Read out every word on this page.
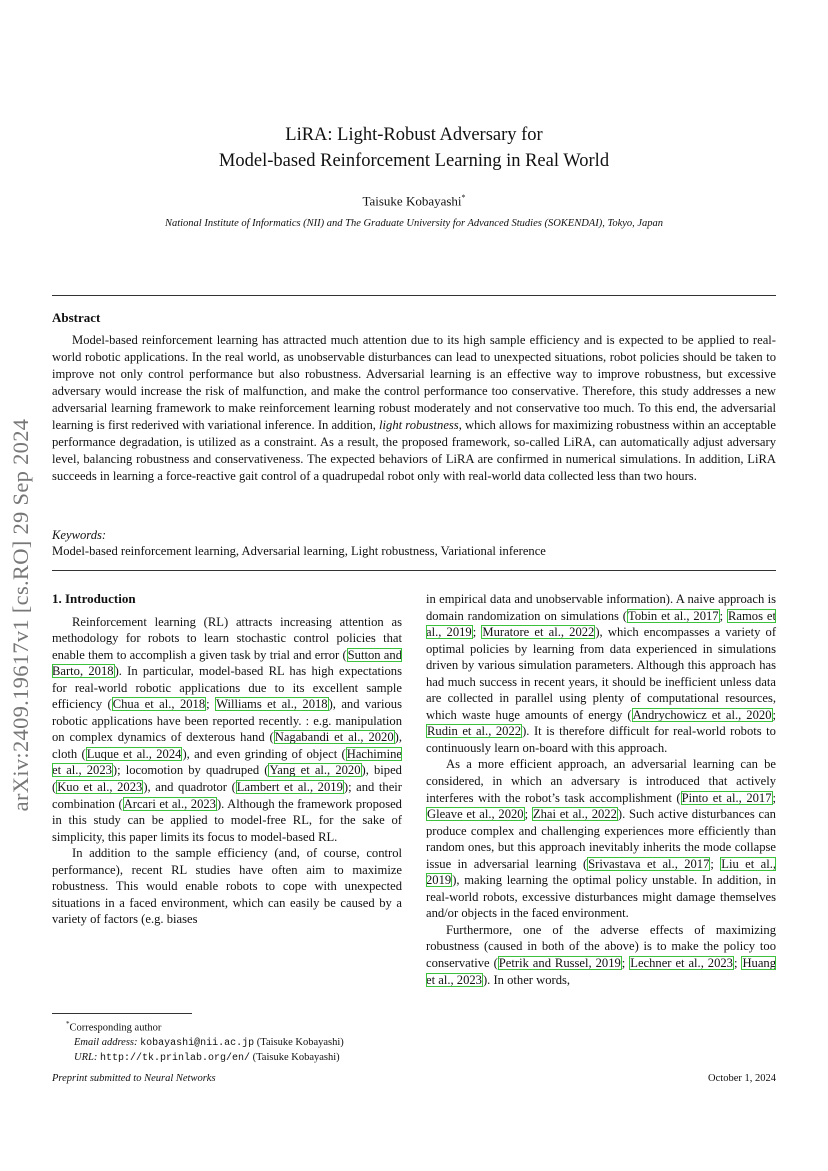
arXiv:2409.19617v1 [cs.RO] 29 Sep 2024
LiRA: Light-Robust Adversary for
Model-based Reinforcement Learning in Real World
Taisuke Kobayashi*
National Institute of Informatics (NII) and The Graduate University for Advanced Studies (SOKENDAI), Tokyo, Japan
Abstract
Model-based reinforcement learning has attracted much attention due to its high sample efficiency and is expected to be applied to real-world robotic applications. In the real world, as unobservable disturbances can lead to unexpected situations, robot policies should be taken to improve not only control performance but also robustness. Adversarial learning is an effective way to improve robustness, but excessive adversary would increase the risk of malfunction, and make the control performance too conservative. Therefore, this study addresses a new adversarial learning framework to make reinforcement learning robust moderately and not conservative too much. To this end, the adversarial learning is first rederived with variational inference. In addition, light robustness, which allows for maximizing robustness within an acceptable performance degradation, is utilized as a constraint. As a result, the proposed framework, so-called LiRA, can automatically adjust adversary level, balancing robustness and conservativeness. The expected behaviors of LiRA are confirmed in numerical simulations. In addition, LiRA succeeds in learning a force-reactive gait control of a quadrupedal robot only with real-world data collected less than two hours.
Keywords:
Model-based reinforcement learning, Adversarial learning, Light robustness, Variational inference
1. Introduction

Reinforcement learning (RL) attracts increasing attention as methodology for robots to learn stochastic control policies that enable them to accomplish a given task by trial and error (Sutton and Barto, 2018). In particular, model-based RL has high expectations for real-world robotic applications due to its excellent sample efficiency (Chua et al., 2018; Williams et al., 2018), and various robotic applications have been reported recently. : e.g. manipulation on complex dynamics of dexterous hand (Nagabandi et al., 2020), cloth (Luque et al., 2024), and even grinding of object (Hachimine et al., 2023); locomotion by quadruped (Yang et al., 2020), biped (Kuo et al., 2023), and quadrotor (Lambert et al., 2019); and their combination (Arcari et al., 2023). Although the framework proposed in this study can be applied to model-free RL, for the sake of simplicity, this paper limits its focus to model-based RL.

In addition to the sample efficiency (and, of course, control performance), recent RL studies have often aim to maximize robustness. This would enable robots to cope with unexpected situations in a faced environment, which can easily be caused by a variety of factors (e.g. biases

in empirical data and unobservable information). A naive approach is domain randomization on simulations (Tobin et al., 2017; Ramos et al., 2019; Muratore et al., 2022), which encompasses a variety of optimal policies by learning from data experienced in simulations driven by various simulation parameters. Although this approach has had much success in recent years, it should be inefficient unless data are collected in parallel using plenty of computational resources, which waste huge amounts of energy (Andrychowicz et al., 2020; Rudin et al., 2022). It is therefore difficult for real-world robots to continuously learn on-board with this approach.

As a more efficient approach, an adversarial learning can be considered, in which an adversary is introduced that actively interferes with the robot’s task accomplishment (Pinto et al., 2017; Gleave et al., 2020; Zhai et al., 2022). Such active disturbances can produce complex and challenging experiences more efficiently than random ones, but this approach inevitably inherits the mode collapse issue in adversarial learning (Srivastava et al., 2017; Liu et al., 2019), making learning the optimal policy unstable. In addition, in real-world robots, excessive disturbances might damage themselves and/or objects in the faced environment.

Furthermore, one of the adverse effects of maximizing robustness (caused in both of the above) is to make the policy too conservative (Petrik and Russel, 2019; Lechner et al., 2023; Huang et al., 2023). In other words,

*Corresponding author
Email address: kobayashi@nii.ac.jp (Taisuke Kobayashi)
URL: http://tk.prinlab.org/en/ (Taisuke Kobayashi)
Preprint submitted to Neural Networks	October 1, 2024
